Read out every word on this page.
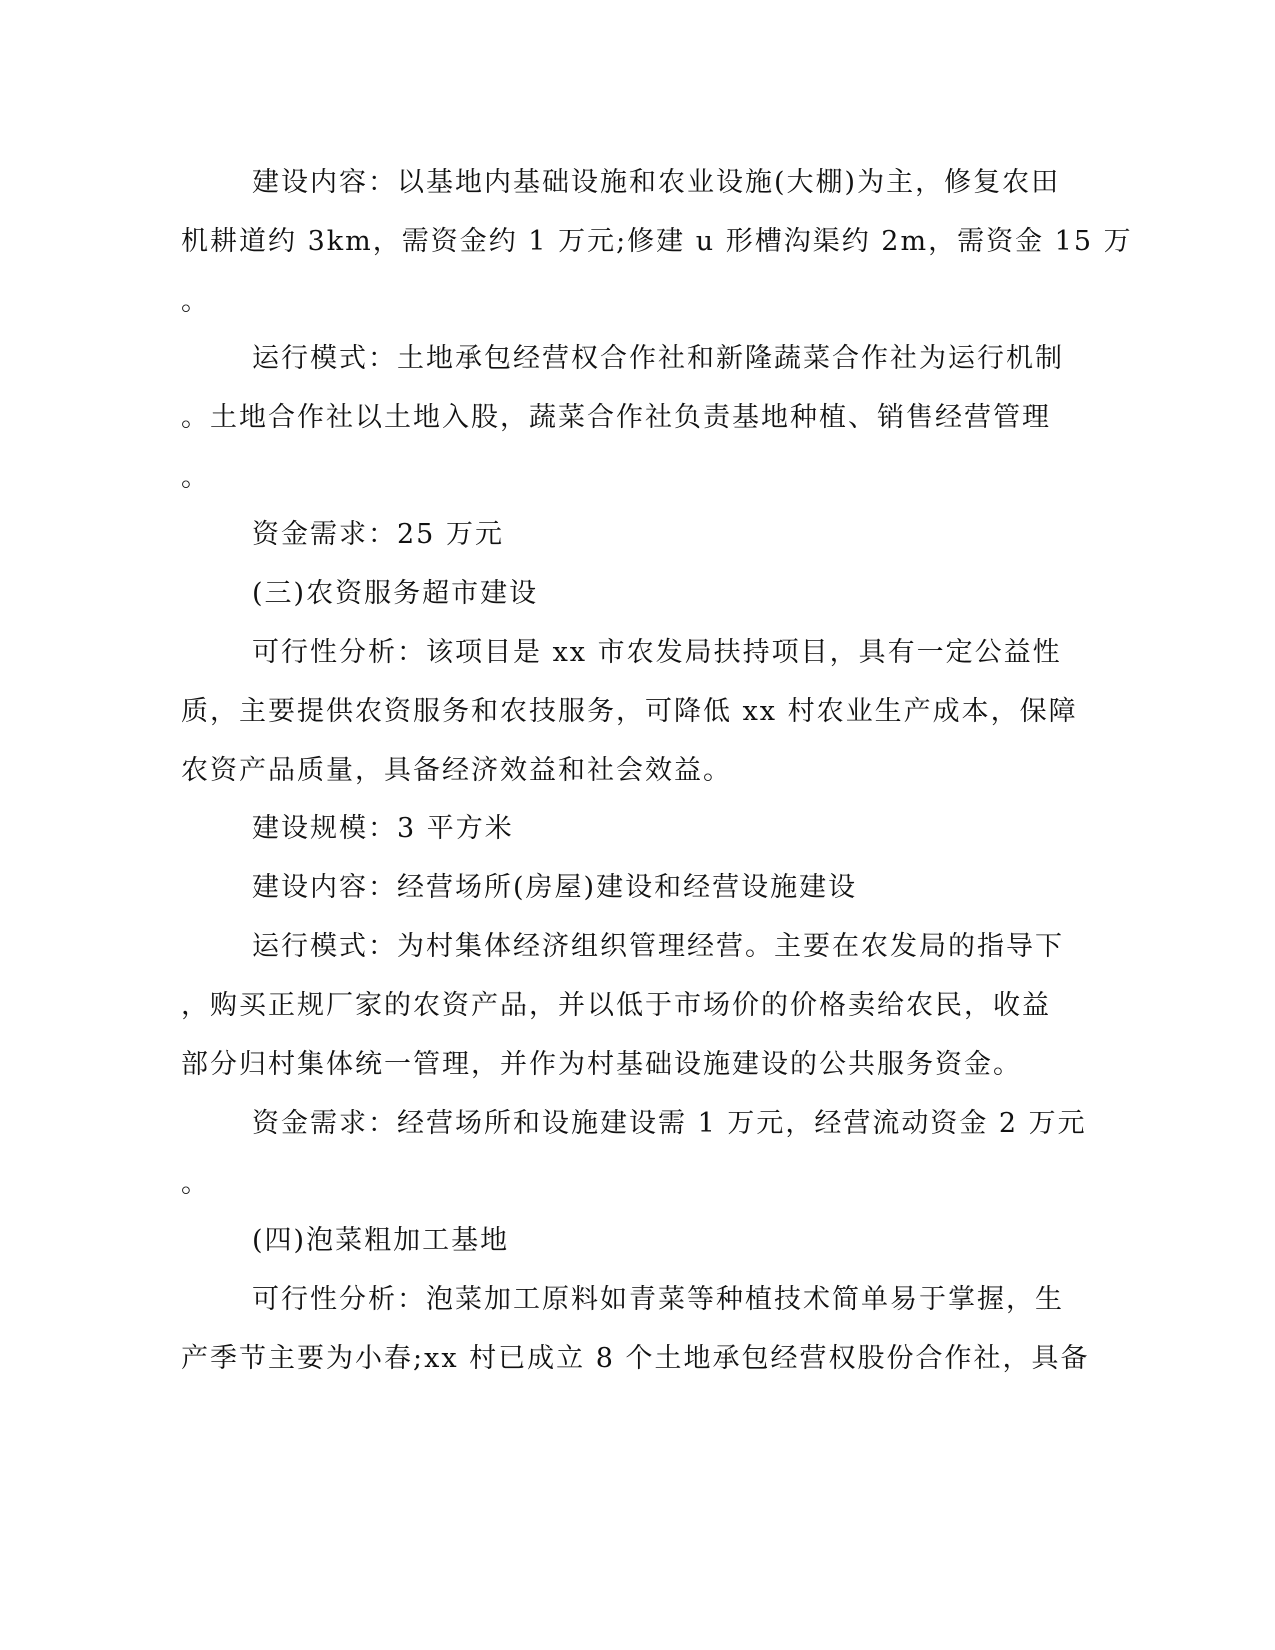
建设内容：以基地内基础设施和农业设施(大棚)为主，修复农田
机耕道约 3km，需资金约 1 万元;修建 u 形槽沟渠约 2m，需资金 15 万
。
运行模式：土地承包经营权合作社和新隆蔬菜合作社为运行机制
。土地合作社以土地入股，蔬菜合作社负责基地种植、销售经营管理
。
资金需求：25 万元
(三)农资服务超市建设
可行性分析：该项目是 xx 市农发局扶持项目，具有一定公益性
质，主要提供农资服务和农技服务，可降低 xx 村农业生产成本，保障
农资产品质量，具备经济效益和社会效益。
建设规模：3 平方米
建设内容：经营场所(房屋)建设和经营设施建设
运行模式：为村集体经济组织管理经营。主要在农发局的指导下
，购买正规厂家的农资产品，并以低于市场价的价格卖给农民，收益
部分归村集体统一管理，并作为村基础设施建设的公共服务资金。
资金需求：经营场所和设施建设需 1 万元，经营流动资金 2 万元
。
(四)泡菜粗加工基地
可行性分析：泡菜加工原料如青菜等种植技术简单易于掌握，生
产季节主要为小春;xx 村已成立 8 个土地承包经营权股份合作社，具备
